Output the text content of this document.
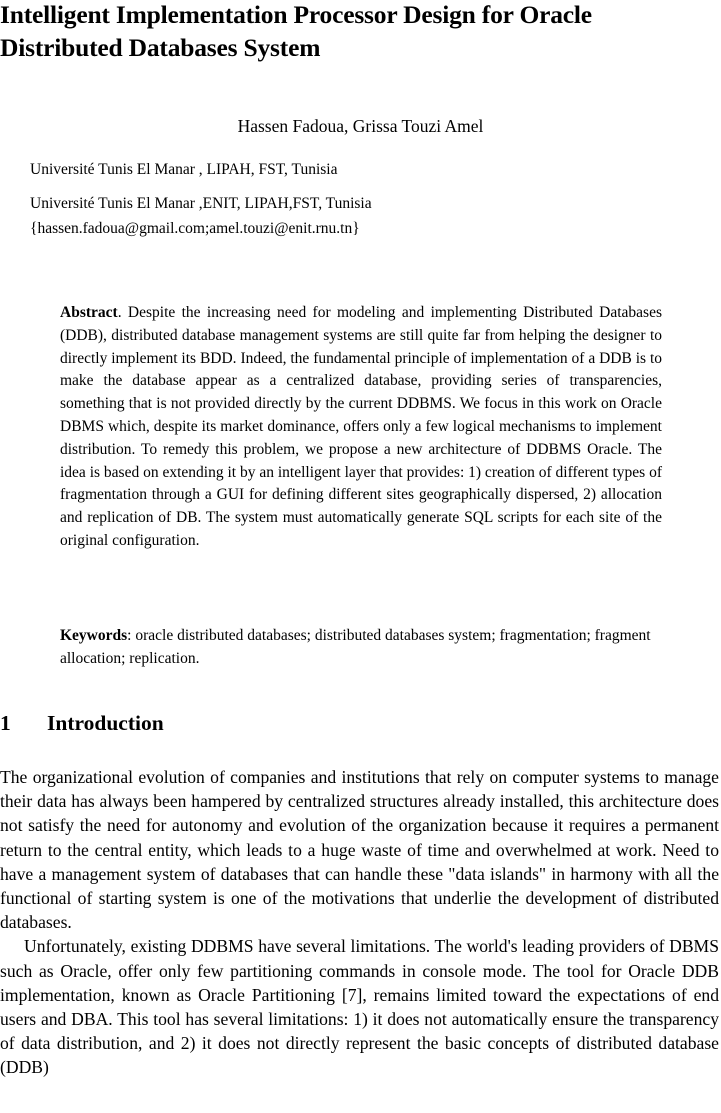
Intelligent Implementation Processor Design for Oracle Distributed Databases System
Hassen Fadoua, Grissa Touzi Amel
Université Tunis El Manar , LIPAH, FST, Tunisia
Université Tunis El Manar ,ENIT, LIPAH,FST, Tunisia
{hassen.fadoua@gmail.com;amel.touzi@enit.rnu.tn}
Abstract. Despite the increasing need for modeling and implementing Distributed Databases (DDB), distributed database management systems are still quite far from helping the designer to directly implement its BDD. Indeed, the fundamental principle of implementation of a DDB is to make the database appear as a centralized database, providing series of transparencies, something that is not provided directly by the current DDBMS. We focus in this work on Oracle DBMS which, despite its market dominance, offers only a few logical mechanisms to implement distribution. To remedy this problem, we propose a new architecture of DDBMS Oracle. The idea is based on extending it by an intelligent layer that provides: 1) creation of different types of fragmentation through a GUI for defining different sites geographically dispersed, 2) allocation and replication of DB. The system must automatically generate SQL scripts for each site of the original configuration.
Keywords: oracle distributed databases; distributed databases system; fragmentation; fragment allocation; replication.
1 Introduction

The organizational evolution of companies and institutions that rely on computer systems to manage their data has always been hampered by centralized structures already installed, this architecture does not satisfy the need for autonomy and evolution of the organization because it requires a permanent return to the central entity, which leads to a huge waste of time and overwhelmed at work. Need to have a management system of databases that can handle these "data islands" in harmony with all the functional of starting system is one of the motivations that underlie the development of distributed databases.

Unfortunately, existing DDBMS have several limitations. The world's leading providers of DBMS such as Oracle, offer only few partitioning commands in console mode. The tool for Oracle DDB implementation, known as Oracle Partitioning [7], remains limited toward the expectations of end users and DBA. This tool has several limitations: 1) it does not automatically ensure the transparency of data distribution, and 2) it does not directly represent the basic concepts of distributed database (DDB)
